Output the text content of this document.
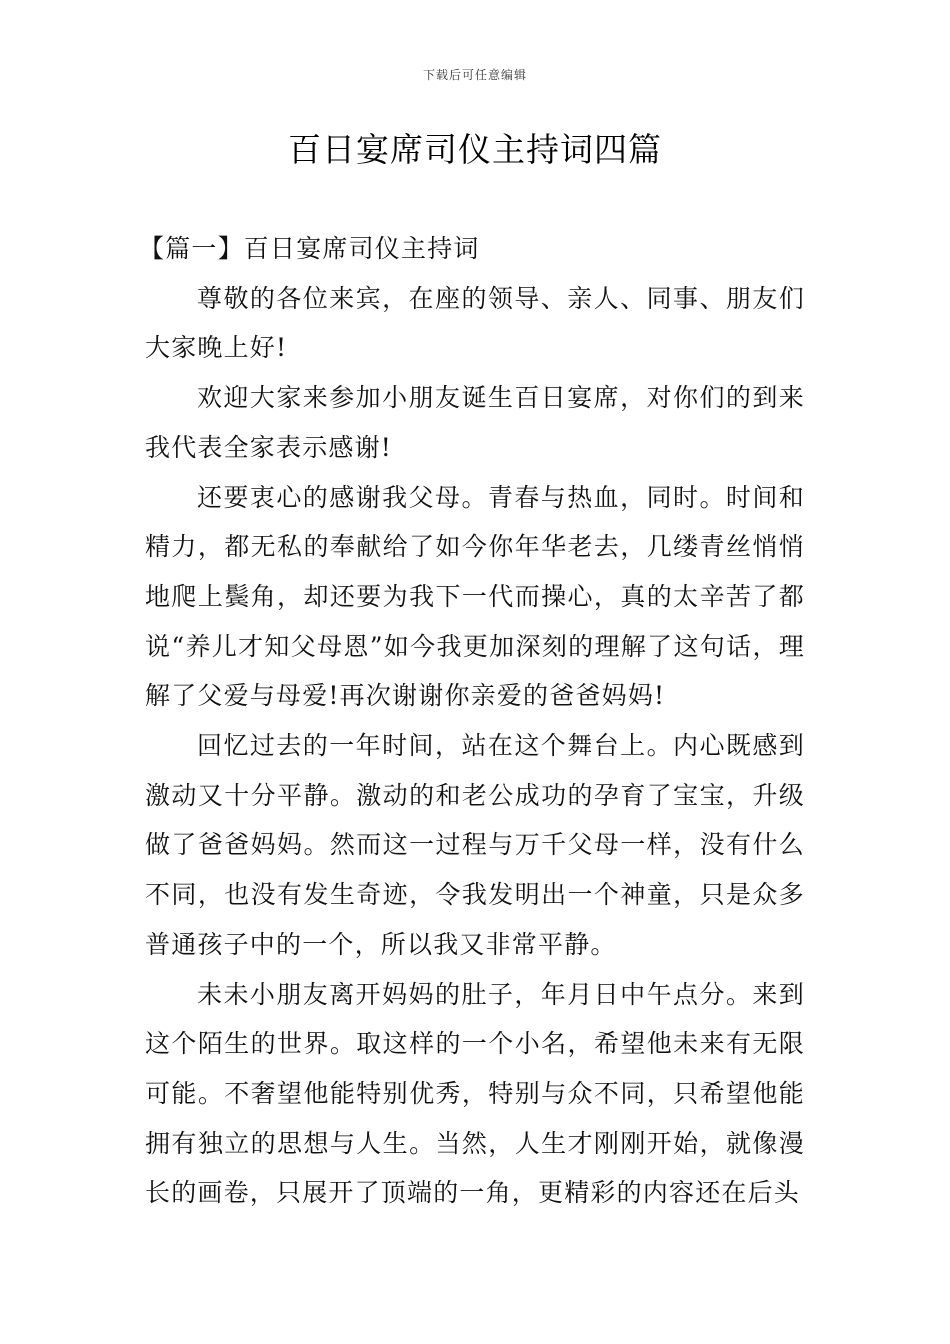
下载后可任意编辑
百日宴席司仪主持词四篇

【篇一】百日宴席司仪主持词

尊敬的各位来宾，在座的领导、亲人、同事、朋友们大家晚上好!

欢迎大家来参加小朋友诞生百日宴席，对你们的到来我代表全家表示感谢!

还要衷心的感谢我父母。青春与热血，同时。时间和精力，都无私的奉献给了如今你年华老去，几缕青丝悄悄地爬上鬓角，却还要为我下一代而操心，真的太辛苦了都说“养儿才知父母恩”如今我更加深刻的理解了这句话，理解了父爱与母爱!再次谢谢你亲爱的爸爸妈妈!

回忆过去的一年时间，站在这个舞台上。内心既感到激动又十分平静。激动的和老公成功的孕育了宝宝，升级做了爸爸妈妈。然而这一过程与万千父母一样，没有什么不同，也没有发生奇迹，令我发明出一个神童，只是众多普通孩子中的一个，所以我又非常平静。

未未小朋友离开妈妈的肚子，年月日中午点分。来到这个陌生的世界。取这样的一个小名，希望他未来有无限可能。不奢望他能特别优秀，特别与众不同，只希望他能拥有独立的思想与人生。当然，人生才刚刚开始，就像漫长的画卷，只展开了顶端的一角，更精彩的内容还在后头
